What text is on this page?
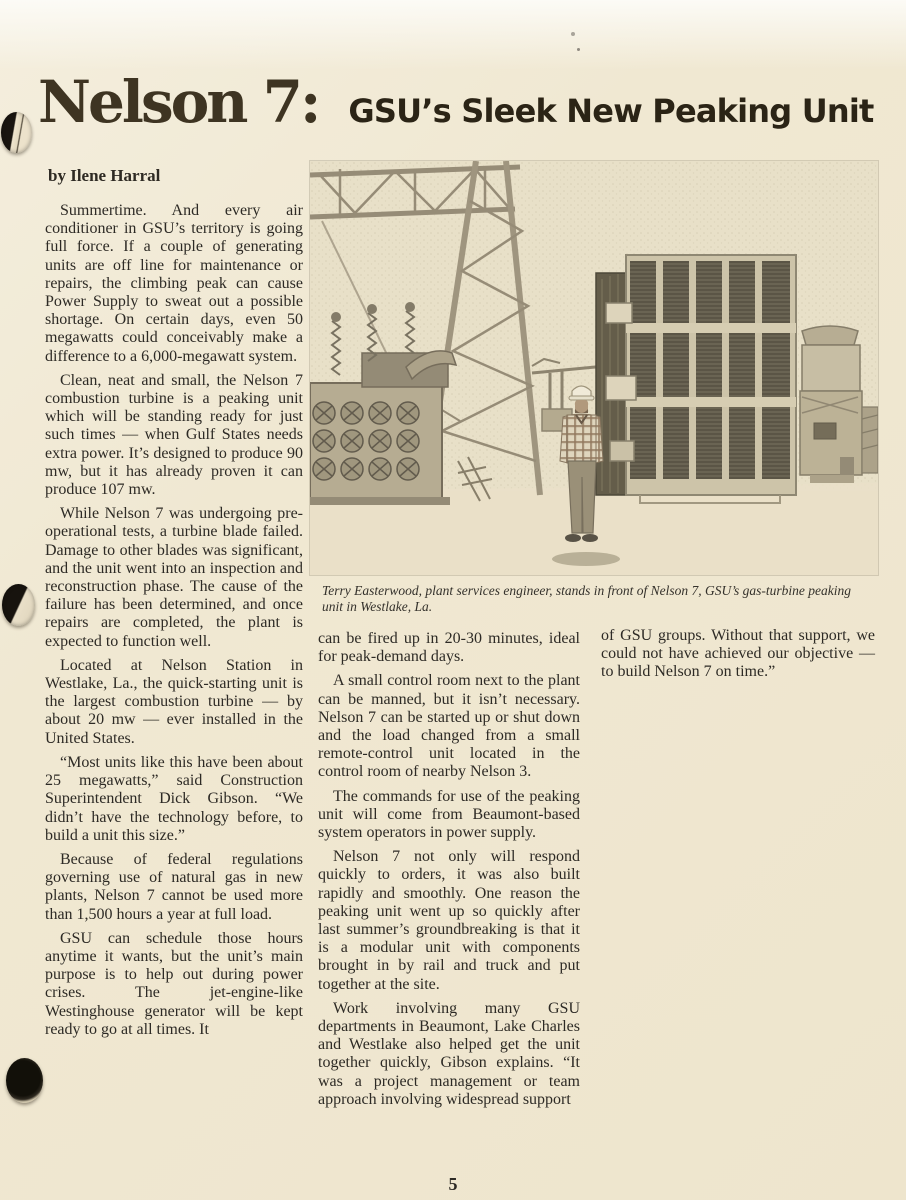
Nelson 7: GSU’s Sleek New Peaking Unit
by Ilene Harral
Terry Easterwood, plant services engineer, stands in front of Nelson 7, GSU’s gas-turbine peaking unit in Westlake, La.

Summertime. And every air conditioner in GSU’s territory is going full force. If a couple of generating units are off line for maintenance or repairs, the climbing peak can cause Power Supply to sweat out a possible shortage. On certain days, even 50 megawatts could conceivably make a difference to a 6,000-megawatt system.

Clean, neat and small, the Nelson 7 combustion turbine is a peaking unit which will be standing ready for just such times — when Gulf States needs extra power. It’s designed to produce 90 mw, but it has already proven it can produce 107 mw.

While Nelson 7 was undergoing pre-operational tests, a turbine blade failed. Damage to other blades was significant, and the unit went into an inspection and reconstruction phase. The cause of the failure has been determined, and once repairs are completed, the plant is expected to function well.

Located at Nelson Station in Westlake, La., the quick-starting unit is the largest combustion turbine — by about 20 mw — ever installed in the United States.

“Most units like this have been about 25 megawatts,” said Construction Superintendent Dick Gibson. “We didn’t have the technology before, to build a unit this size.”

Because of federal regulations governing use of natural gas in new plants, Nelson 7 cannot be used more than 1,500 hours a year at full load.

GSU can schedule those hours anytime it wants, but the unit’s main purpose is to help out during power crises. The jet-engine-like Westinghouse generator will be kept ready to go at all times. It

can be fired up in 20-30 minutes, ideal for peak-demand days.

A small control room next to the plant can be manned, but it isn’t necessary. Nelson 7 can be started up or shut down and the load changed from a small remote-control unit located in the control room of nearby Nelson 3.

The commands for use of the peaking unit will come from Beaumont-based system operators in power supply.

Nelson 7 not only will respond quickly to orders, it was also built rapidly and smoothly. One reason the peaking unit went up so quickly after last summer’s groundbreaking is that it is a modular unit with components brought in by rail and truck and put together at the site.

Work involving many GSU departments in Beaumont, Lake Charles and Westlake also helped get the unit together quickly, Gibson explains. “It was a project management or team approach involving widespread support

of GSU groups. Without that support, we could not have achieved our objective — to build Nelson 7 on time.”

5
